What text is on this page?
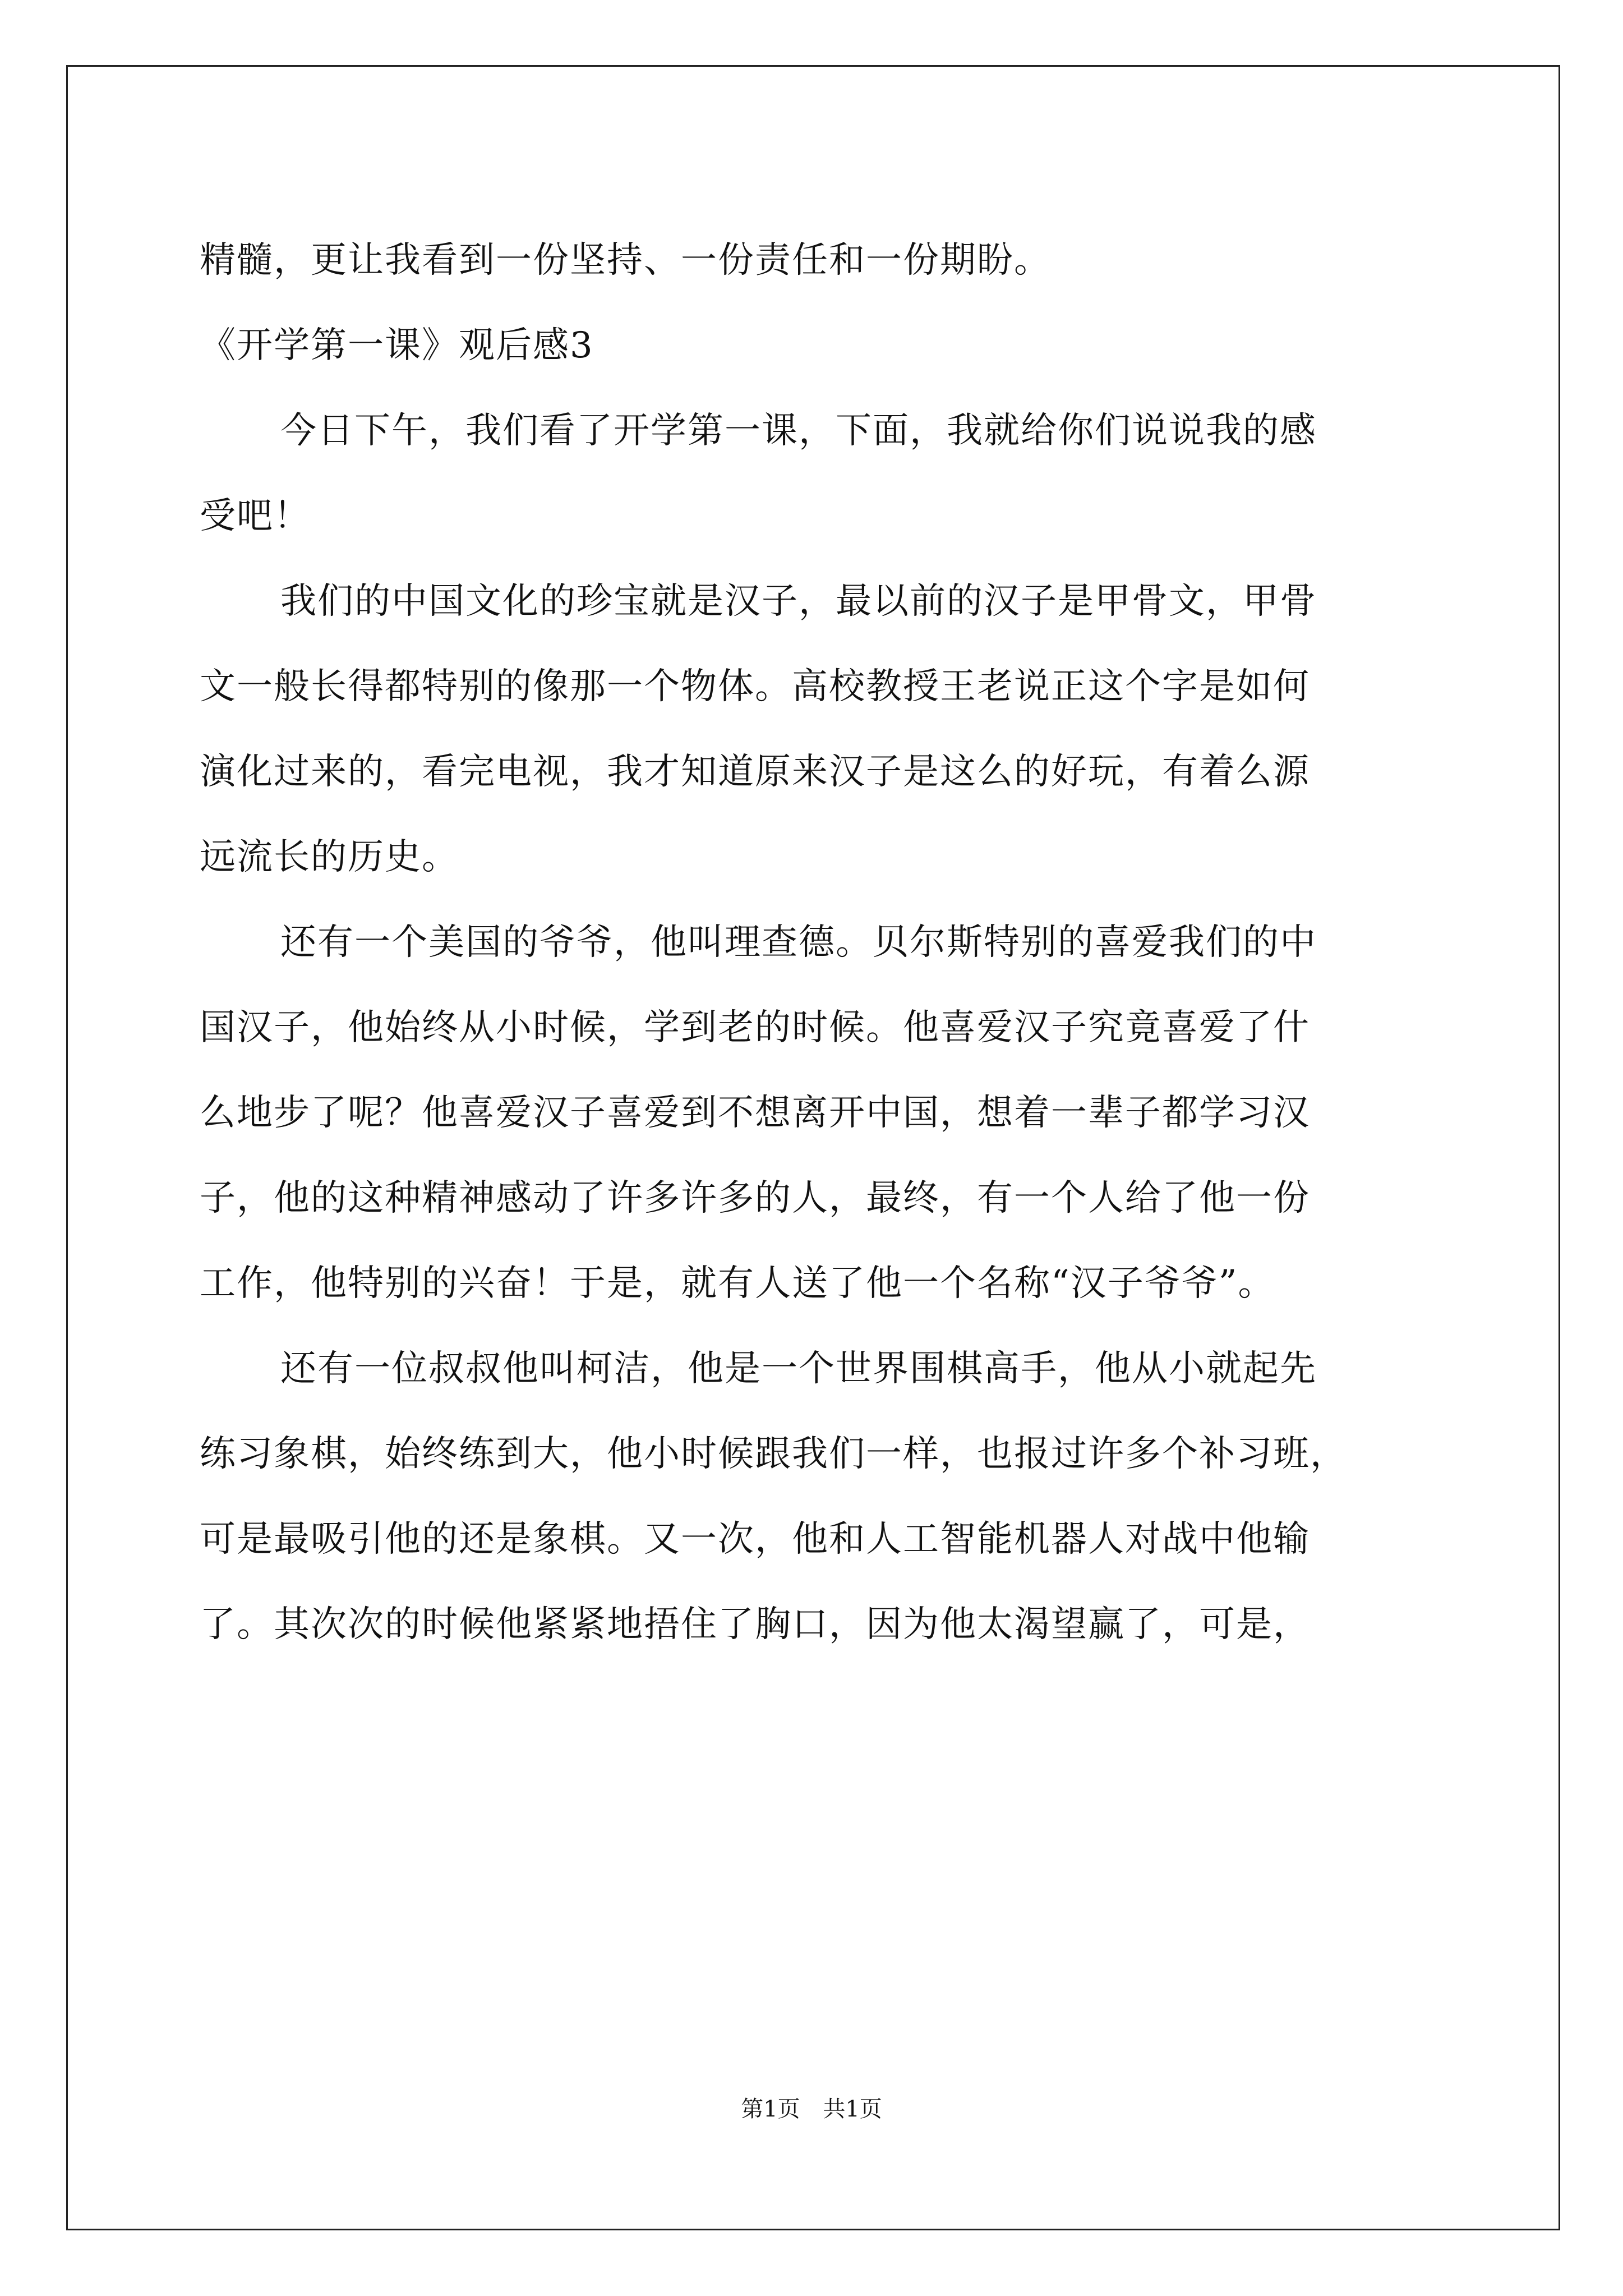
精髓，更让我看到一份坚持、一份责任和一份期盼。
《开学第一课》观后感3
今日下午，我们看了开学第一课，下面，我就给你们说说我的感
受吧！
我们的中国文化的珍宝就是汉子，最以前的汉子是甲骨文，甲骨
文一般长得都特别的像那一个物体。高校教授王老说正这个字是如何
演化过来的，看完电视，我才知道原来汉子是这么的好玩，有着么源
远流长的历史。
还有一个美国的爷爷，他叫理查德。贝尔斯特别的喜爱我们的中
国汉子，他始终从小时候，学到老的时候。他喜爱汉子究竟喜爱了什
么地步了呢？他喜爱汉子喜爱到不想离开中国，想着一辈子都学习汉
子，他的这种精神感动了许多许多的人，最终，有一个人给了他一份
工作，他特别的兴奋！于是，就有人送了他一个名称“汉子爷爷”。
还有一位叔叔他叫柯洁，他是一个世界围棋高手，他从小就起先
练习象棋，始终练到大，他小时候跟我们一样，也报过许多个补习班，
可是最吸引他的还是象棋。又一次，他和人工智能机器人对战中他输
了。其次次的时候他紧紧地捂住了胸口，因为他太渴望赢了，可是，
第1页 共1页
